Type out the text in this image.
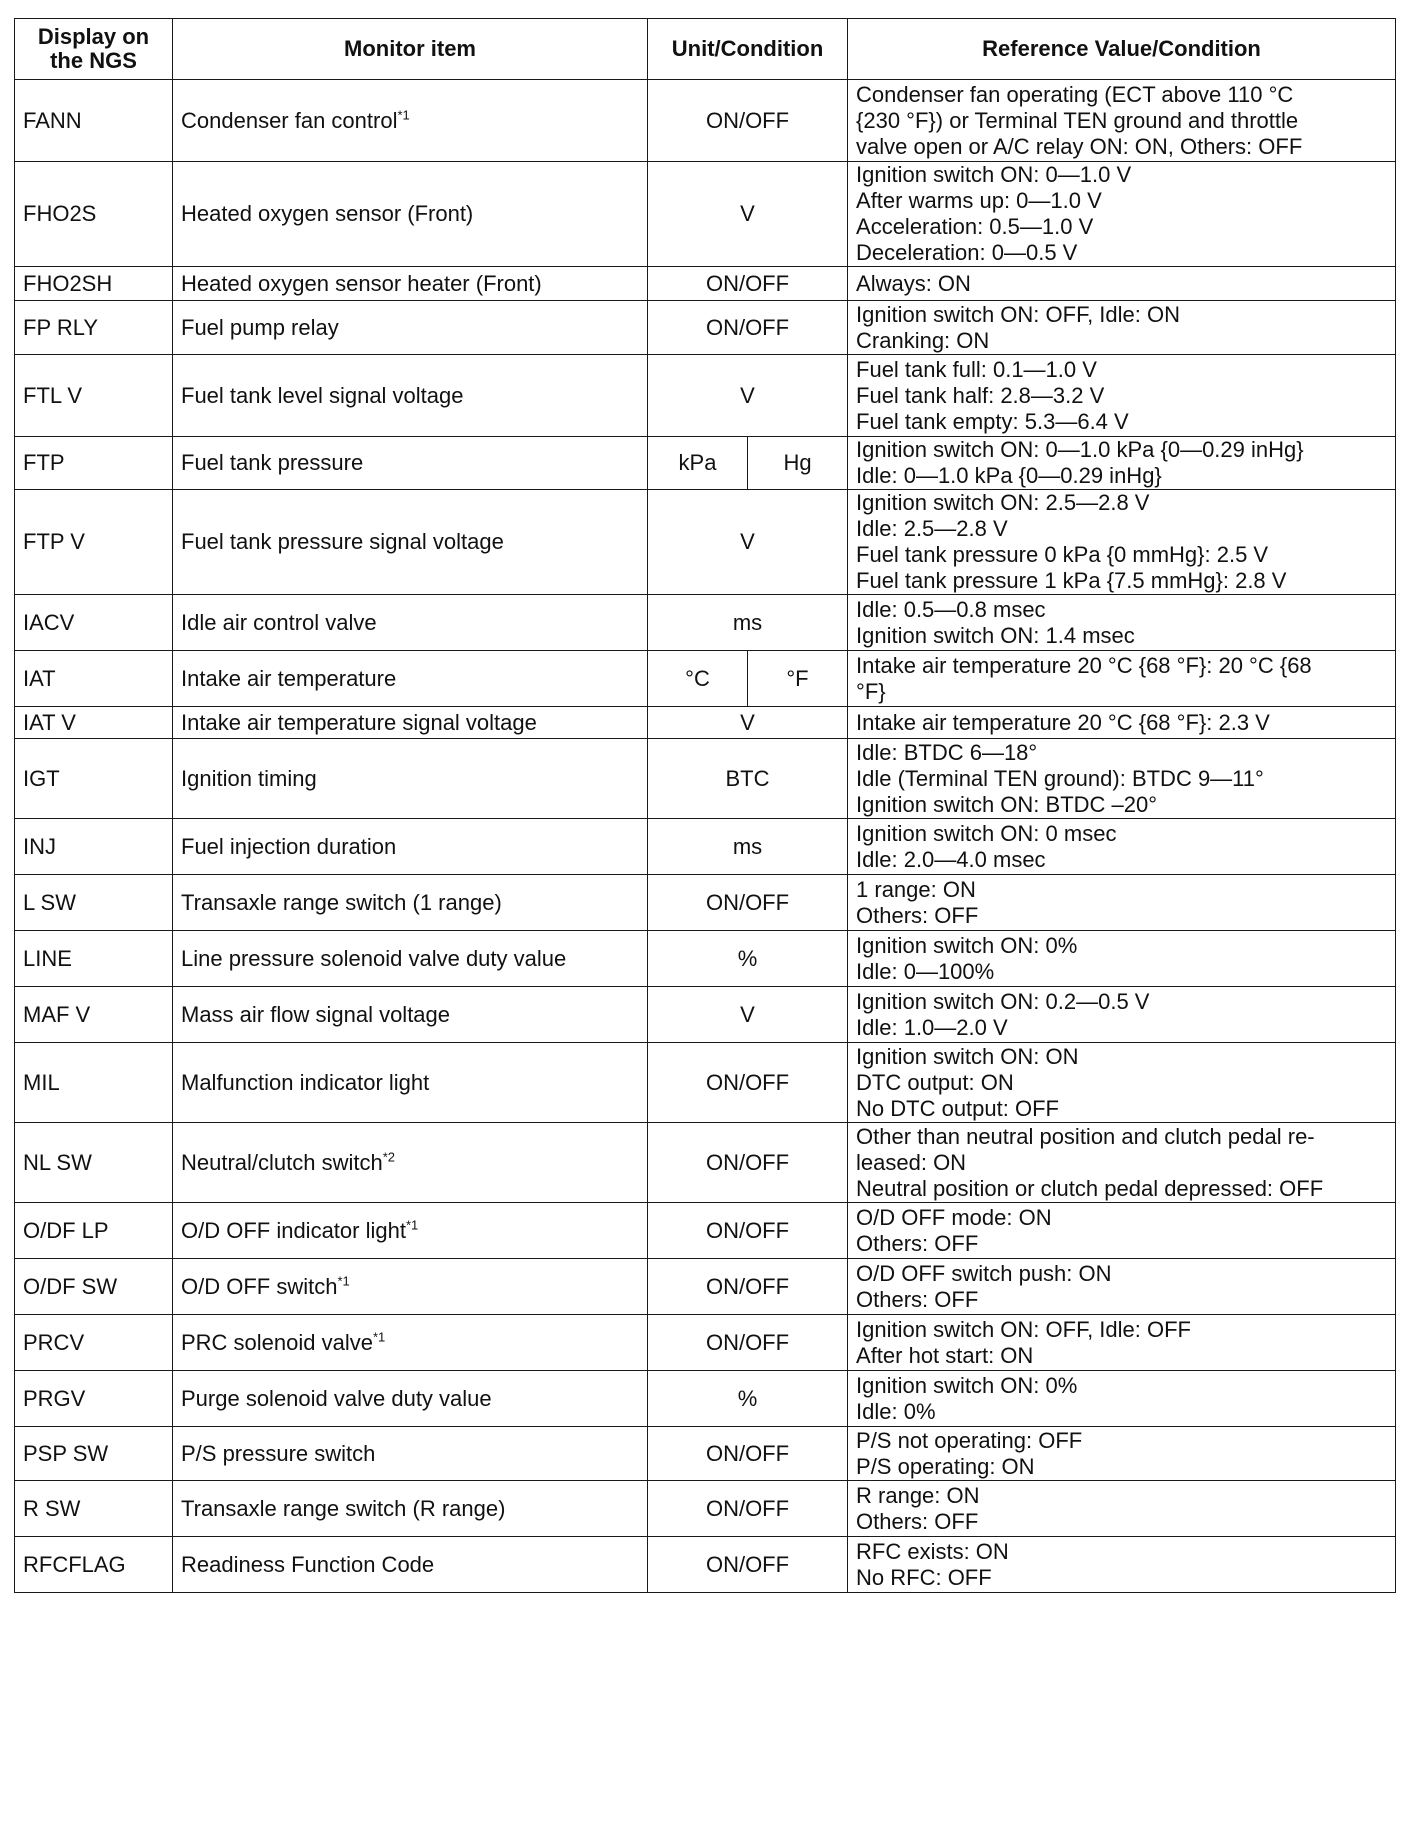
Display on the NGS	Monitor item	Unit/Condition		Reference Value/Condition
FANN	Condenser fan control$^{*1}$	ON/OFF		Condenser fan operating (ECT above 110 °C
{230 °F}) or Terminal TEN ground and throttle
valve open or A/C relay ON: ON, Others: OFF

FHO2S	Heated oxygen sensor (Front)	V		Ignition switch ON: 0—1.0 V
After warms up: 0—1.0 V
Acceleration: 0.5—1.0 V
Deceleration: 0—0.5 V

FHO2SH	Heated oxygen sensor heater (Front)	ON/OFF		Always: ON

FP RLY	Fuel pump relay	ON/OFF		Ignition switch ON: OFF, Idle: ON
Cranking: ON

FTL V	Fuel tank level signal voltage	V		Fuel tank full: 0.1—1.0 V
Fuel tank half: 2.8—3.2 V
Fuel tank empty: 5.3—6.4 V

FTP	Fuel tank pressure	kPa	Hg	Ignition switch ON: 0—1.0 kPa {0—0.29 inHg}
Idle: 0—1.0 kPa {0—0.29 inHg}

FTP V	Fuel tank pressure signal voltage	V		Ignition switch ON: 2.5—2.8 V
Idle: 2.5—2.8 V
Fuel tank pressure 0 kPa {0 mmHg}: 2.5 V
Fuel tank pressure 1 kPa {7.5 mmHg}: 2.8 V

IACV	Idle air control valve	ms		Idle: 0.5—0.8 msec
Ignition switch ON: 1.4 msec

IAT	Intake air temperature	°C	°F	Intake air temperature 20 °C {68 °F}: 20 °C {68
°F}

IAT V	Intake air temperature signal voltage	V		Intake air temperature 20 °C {68 °F}: 2.3 V

IGT	Ignition timing	BTC		Idle: BTDC 6—18°
Idle (Terminal TEN ground): BTDC 9—11°
Ignition switch ON: BTDC –20°

INJ	Fuel injection duration	ms		Ignition switch ON: 0 msec
Idle: 2.0—4.0 msec

L SW	Transaxle range switch (1 range)	ON/OFF		1 range: ON
Others: OFF

LINE	Line pressure solenoid valve duty value	%		Ignition switch ON: 0%
Idle: 0—100%

MAF V	Mass air flow signal voltage	V		Ignition switch ON: 0.2—0.5 V
Idle: 1.0—2.0 V

MIL	Malfunction indicator light	ON/OFF		Ignition switch ON: ON
DTC output: ON
No DTC output: OFF

NL SW	Neutral/clutch switch$^{*2}$	ON/OFF		Other than neutral position and clutch pedal re-
leased: ON
Neutral position or clutch pedal depressed: OFF

O/DF LP	O/D OFF indicator light$^{*1}$	ON/OFF		O/D OFF mode: ON
Others: OFF

O/DF SW	O/D OFF switch$^{*1}$	ON/OFF		O/D OFF switch push: ON
Others: OFF

PRCV	PRC solenoid valve$^{*1}$	ON/OFF		Ignition switch ON: OFF, Idle: OFF
After hot start: ON

PRGV	Purge solenoid valve duty value	%		Ignition switch ON: 0%
Idle: 0%

PSP SW	P/S pressure switch	ON/OFF		P/S not operating: OFF
P/S operating: ON

R SW	Transaxle range switch (R range)	ON/OFF		R range: ON
Others: OFF

RFCFLAG	Readiness Function Code	ON/OFF		RFC exists: ON
No RFC: OFF
